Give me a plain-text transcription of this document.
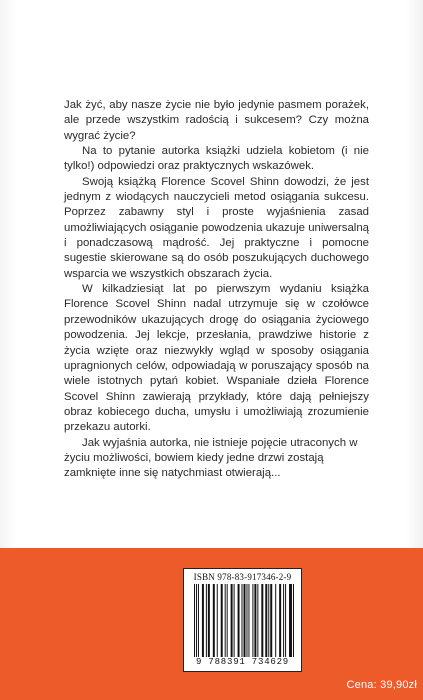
Jak żyć, aby nasze życie nie było jedynie pasmem porażek, ale przede wszystkim radością i sukcesem? Czy można wygrać życie?

Na to pytanie autorka książki udziela kobietom (i nie tylko!) odpowiedzi oraz praktycznych wskazówek.

Swoją książką Florence Scovel Shinn dowodzi, że jest jednym z wiodących nauczycieli metod osiągania sukcesu. Poprzez zabawny styl i proste wyjaśnienia zasad umożliwiających osiąganie powodzenia ukazuje uniwersalną i ponadczasową mądrość. Jej praktyczne i pomocne sugestie skierowane są do osób poszukujących duchowego wsparcia we wszystkich obszarach życia.

W kilkadziesiąt lat po pierwszym wydaniu książka Florence Scovel Shinn nadal utrzymuje się w czołówce przewodników ukazujących drogę do osiągania życiowego powodzenia. Jej lekcje, przesłania, prawdziwe historie z życia wzięte oraz niezwykły wgląd w sposoby osiągania upragnionych celów, odpowiadają w poruszający sposób na wiele istotnych pytań kobiet. Wspaniałe dzieła Florence Scovel Shinn zawierają przykłady, które dają pełniejszy obraz kobiecego ducha, umysłu i umożliwiają zrozumienie przekazu autorki.

Jak wyjaśnia autorka, nie istnieje pojęcie utraconych w życiu możliwości, bowiem kiedy jedne drzwi zostają zamknięte inne się natychmiast otwierają...

ISBN 978-83-917346-2-9
9 788391 734629
Cena: 39,90zł
